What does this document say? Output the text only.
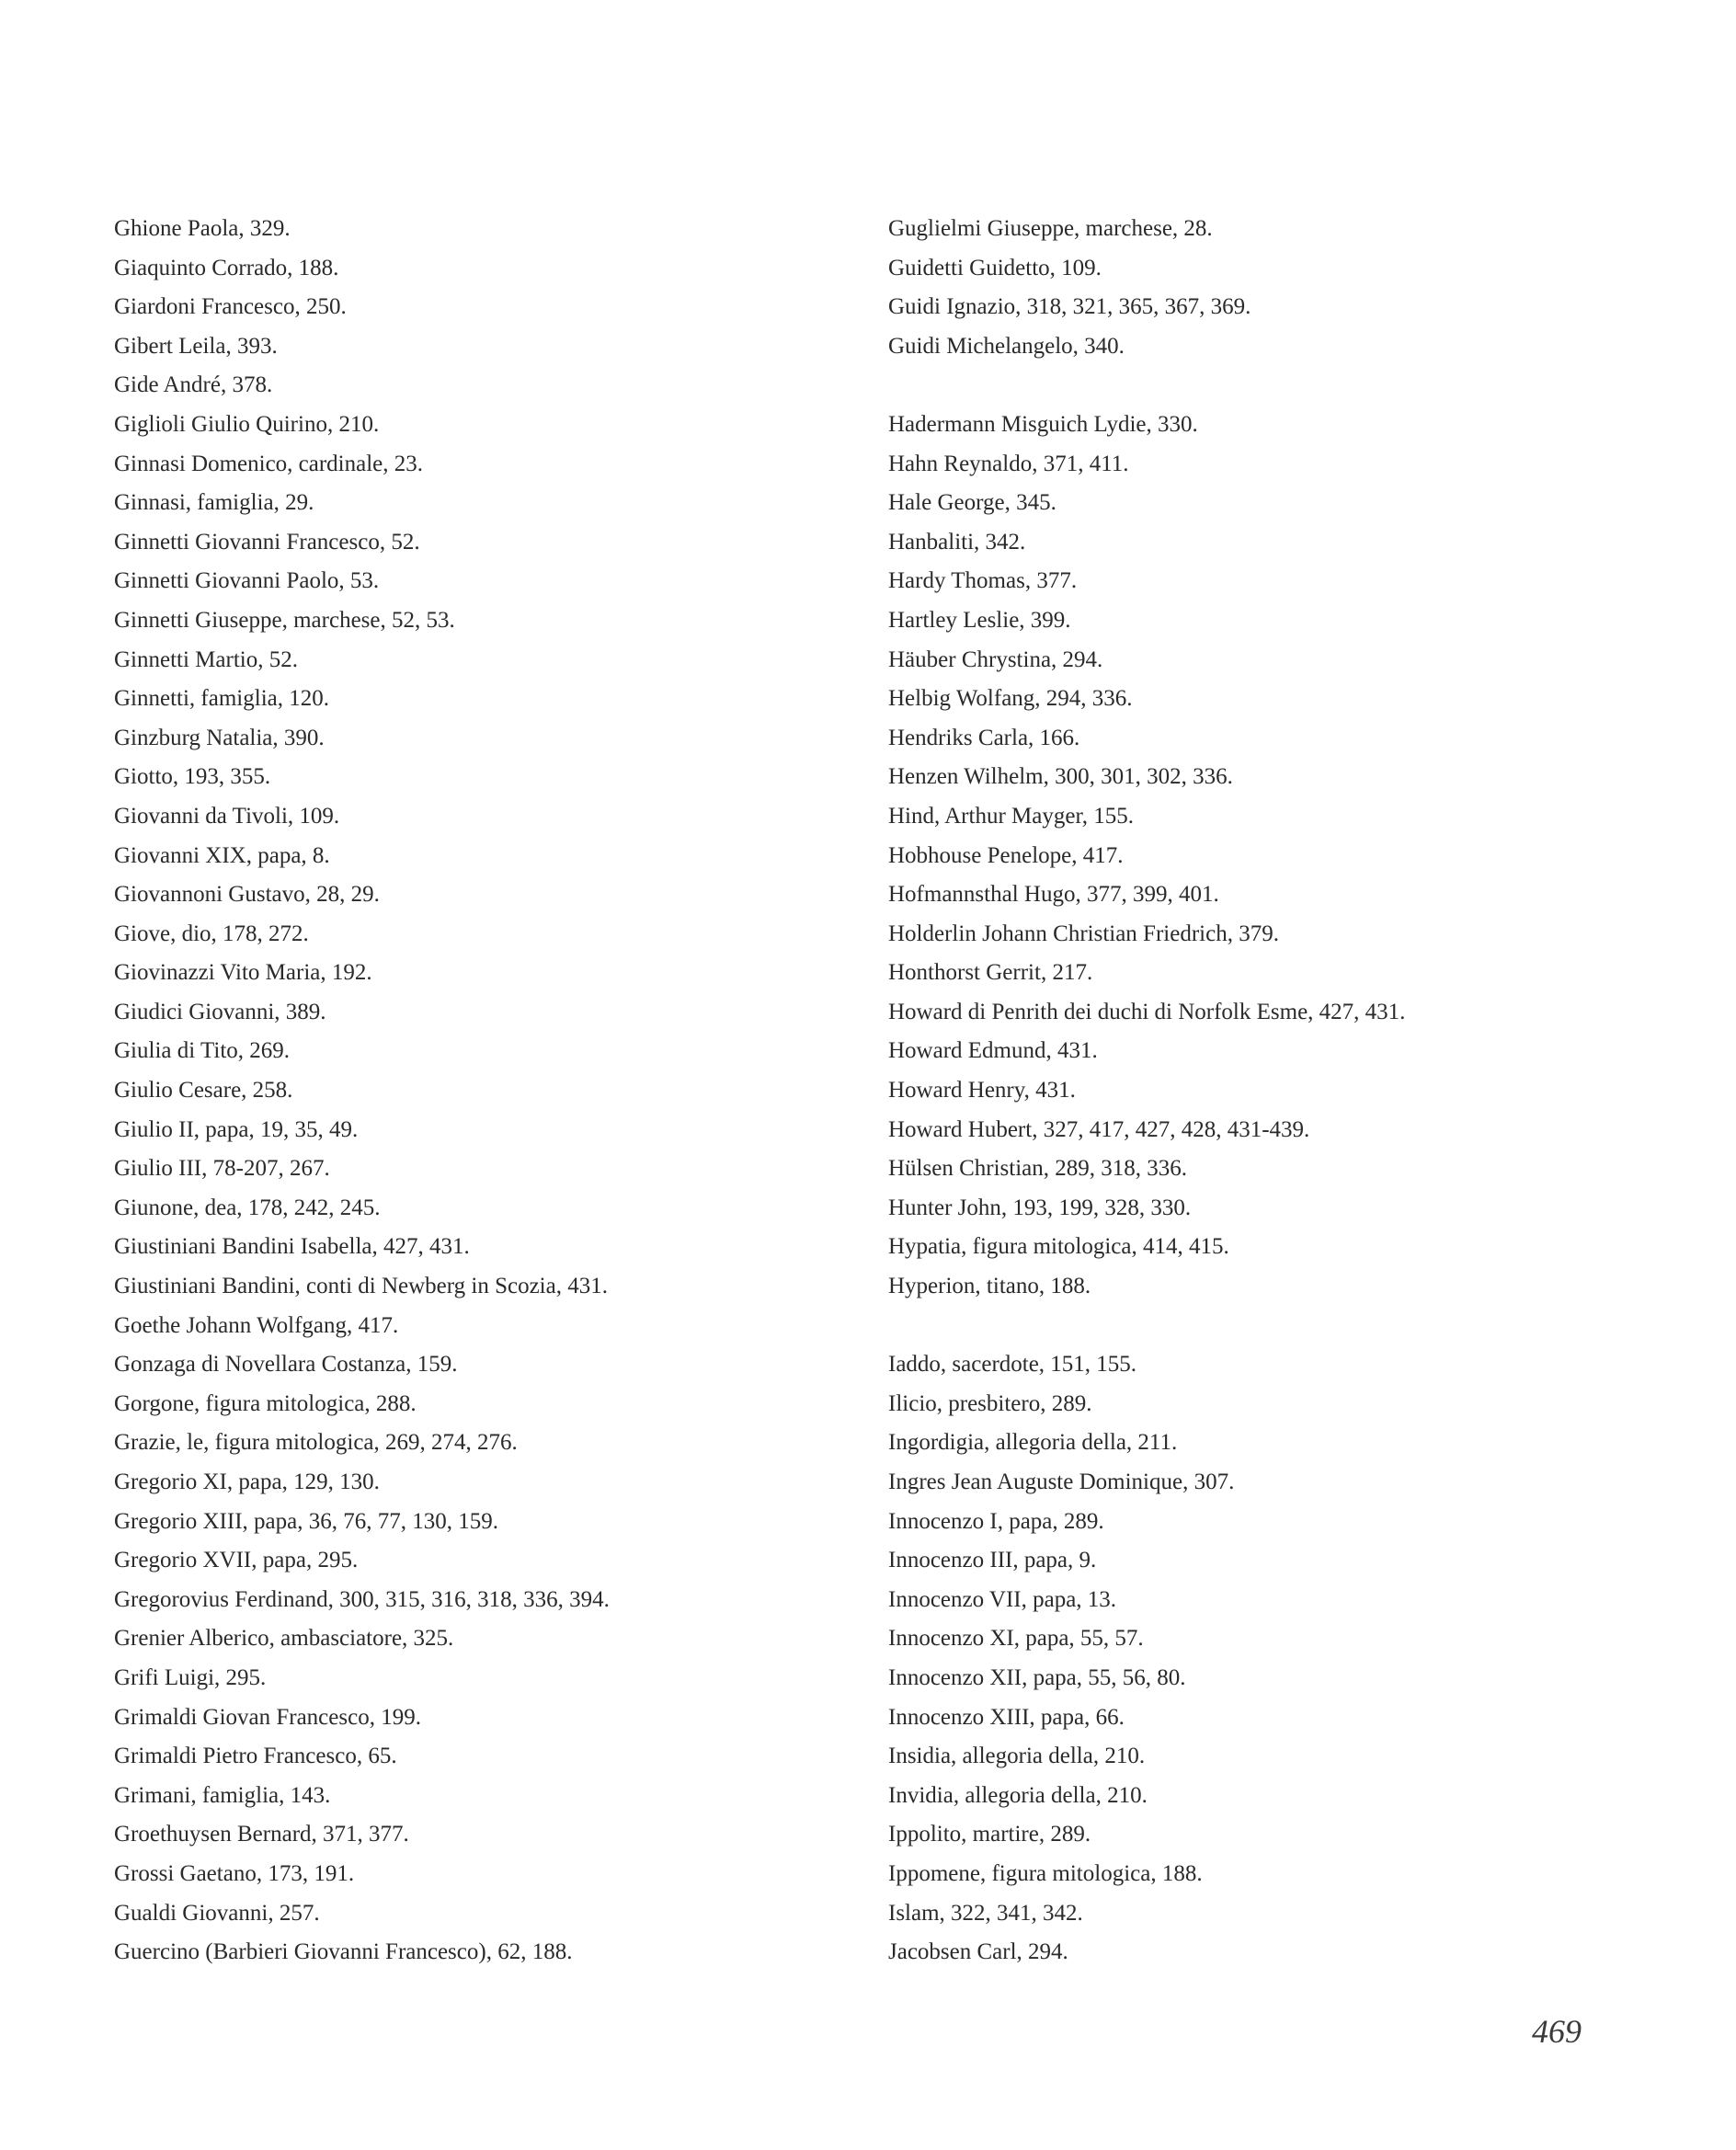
Ghione Paola, 329.
Giaquinto Corrado, 188.
Giardoni Francesco, 250.
Gibert Leila, 393.
Gide André, 378.
Giglioli Giulio Quirino, 210.
Ginnasi Domenico, cardinale, 23.
Ginnasi, famiglia, 29.
Ginnetti Giovanni Francesco, 52.
Ginnetti Giovanni Paolo, 53.
Ginnetti Giuseppe, marchese, 52, 53.
Ginnetti Martio, 52.
Ginnetti, famiglia, 120.
Ginzburg Natalia, 390.
Giotto, 193, 355.
Giovanni da Tivoli, 109.
Giovanni XIX, papa, 8.
Giovannoni Gustavo, 28, 29.
Giove, dio, 178, 272.
Giovinazzi Vito Maria, 192.
Giudici Giovanni, 389.
Giulia di Tito, 269.
Giulio Cesare, 258.
Giulio II, papa, 19, 35, 49.
Giulio III, 78-207, 267.
Giunone, dea, 178, 242, 245.
Giustiniani Bandini Isabella, 427, 431.
Giustiniani Bandini, conti di Newberg in Scozia, 431.
Goethe Johann Wolfgang, 417.
Gonzaga di Novellara Costanza, 159.
Gorgone, figura mitologica, 288.
Grazie, le, figura mitologica, 269, 274, 276.
Gregorio XI, papa, 129, 130.
Gregorio XIII, papa, 36, 76, 77, 130, 159.
Gregorio XVII, papa, 295.
Gregorovius Ferdinand, 300, 315, 316, 318, 336, 394.
Grenier Alberico, ambasciatore, 325.
Grifi Luigi, 295.
Grimaldi Giovan Francesco, 199.
Grimaldi Pietro Francesco, 65.
Grimani, famiglia, 143.
Groethuysen Bernard, 371, 377.
Grossi Gaetano, 173, 191.
Gualdi Giovanni, 257.
Guercino (Barbieri Giovanni Francesco), 62, 188.
Guglielmi Giuseppe, marchese, 28.
Guidetti Guidetto, 109.
Guidi Ignazio, 318, 321, 365, 367, 369.
Guidi Michelangelo, 340.
Hadermann Misguich Lydie, 330.
Hahn Reynaldo, 371, 411.
Hale George, 345.
Hanbaliti, 342.
Hardy Thomas, 377.
Hartley Leslie, 399.
Häuber Chrystina, 294.
Helbig Wolfang, 294, 336.
Hendriks Carla, 166.
Henzen Wilhelm, 300, 301, 302, 336.
Hind, Arthur Mayger, 155.
Hobhouse Penelope, 417.
Hofmannsthal Hugo, 377, 399, 401.
Holderlin Johann Christian Friedrich, 379.
Honthorst Gerrit, 217.
Howard di Penrith dei duchi di Norfolk Esme, 427, 431.
Howard Edmund, 431.
Howard Henry, 431.
Howard Hubert, 327, 417, 427, 428, 431-439.
Hülsen Christian, 289, 318, 336.
Hunter John, 193, 199, 328, 330.
Hypatia, figura mitologica, 414, 415.
Hyperion, titano, 188.
Iaddo, sacerdote, 151, 155.
Ilicio, presbitero, 289.
Ingordigia, allegoria della, 211.
Ingres Jean Auguste Dominique, 307.
Innocenzo I, papa, 289.
Innocenzo III, papa, 9.
Innocenzo VII, papa, 13.
Innocenzo XI, papa, 55, 57.
Innocenzo XII, papa, 55, 56, 80.
Innocenzo XIII, papa, 66.
Insidia, allegoria della, 210.
Invidia, allegoria della, 210.
Ippolito, martire, 289.
Ippomene, figura mitologica, 188.
Islam, 322, 341, 342.
Jacobsen Carl, 294.
469
